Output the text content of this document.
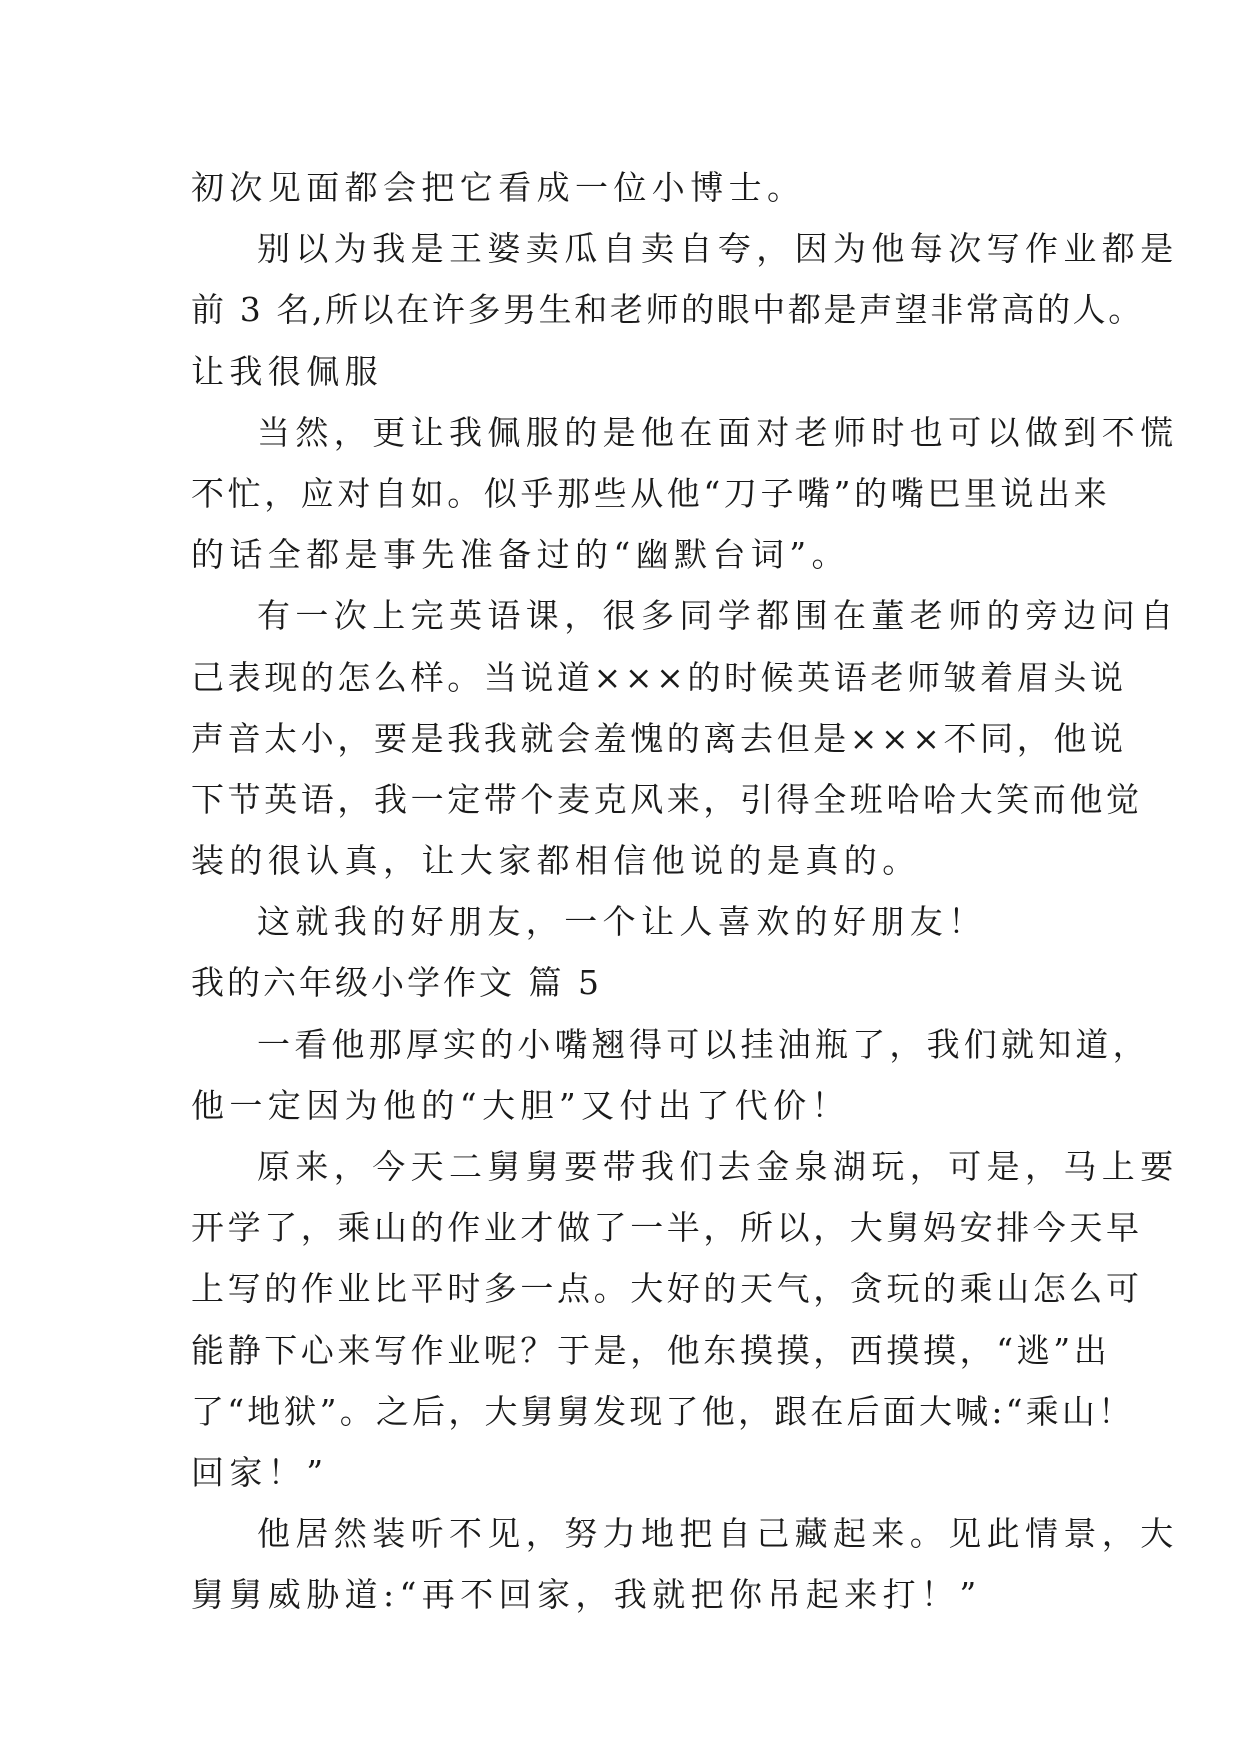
初次见面都会把它看成一位小博士。
别以为我是王婆卖瓜自卖自夸，因为他每次写作业都是
前 3 名,所以在许多男生和老师的眼中都是声望非常高的人。
让我很佩服
当然，更让我佩服的是他在面对老师时也可以做到不慌
不忙，应对自如。似乎那些从他“刀子嘴”的嘴巴里说出来
的话全都是事先准备过的“幽默台词”。
有一次上完英语课，很多同学都围在董老师的旁边问自
己表现的怎么样。当说道×××的时候英语老师皱着眉头说
声音太小，要是我我就会羞愧的离去但是×××不同，他说
下节英语，我一定带个麦克风来，引得全班哈哈大笑而他觉
装的很认真，让大家都相信他说的是真的。
这就我的好朋友，一个让人喜欢的好朋友！
我的六年级小学作文 篇 5
一看他那厚实的小嘴翘得可以挂油瓶了，我们就知道，
他一定因为他的“大胆”又付出了代价！
原来，今天二舅舅要带我们去金泉湖玩，可是，马上要
开学了，乘山的作业才做了一半，所以，大舅妈安排今天早
上写的作业比平时多一点。大好的天气，贪玩的乘山怎么可
能静下心来写作业呢？于是，他东摸摸，西摸摸，“逃”出
了“地狱”。之后，大舅舅发现了他，跟在后面大喊:“乘山！
回家！”
他居然装听不见，努力地把自己藏起来。见此情景，大
舅舅威胁道:“再不回家，我就把你吊起来打！”
